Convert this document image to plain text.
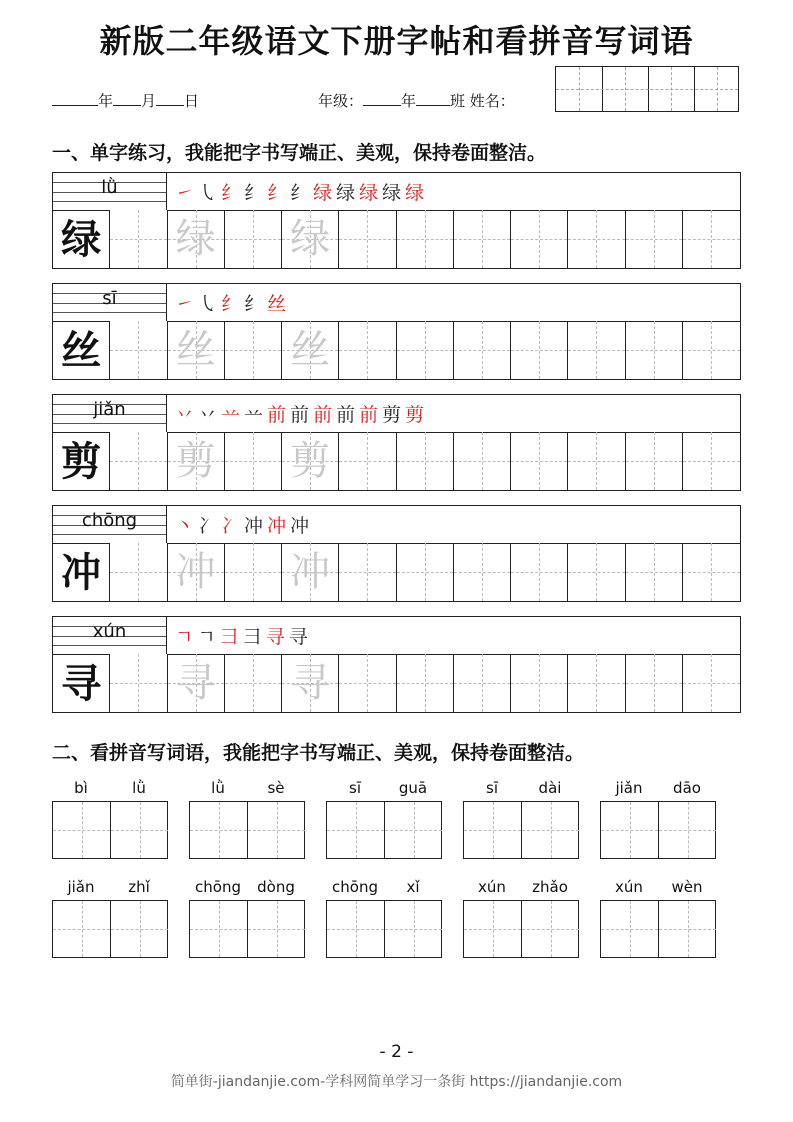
新版二年级语文下册字帖和看拼音写词语
年 月 日	年级：	年 班 姓名：
一、单字练习，我能把字书写端正、美观，保持卷面整洁。
lǜ	㇀㇂纟纟纟纟绿绿绿绿绿
绿 绿 绿
sī	㇀㇂纟纟丝
丝 丝 丝
jiǎn	丷丷䒑䒑前前前前前剪剪
剪 剪 剪
chōng	丶冫冫冲冲冲
冲 冲 冲
xún	ㄱㄱ彐彐寻寻
寻 寻 寻
二、看拼音写词语，我能把字书写端正、美观，保持卷面整洁。
bì	lǜ	lǜ	sè	sī	guā	sī	dài	jiǎn	dāo
jiǎn	zhǐ	chōng	dòng	chōng	xǐ	xún	zhǎo	xún	wèn
- 2 -
简单街-jiandanjie.com-学科网简单学习一条街 https://jiandanjie.com
